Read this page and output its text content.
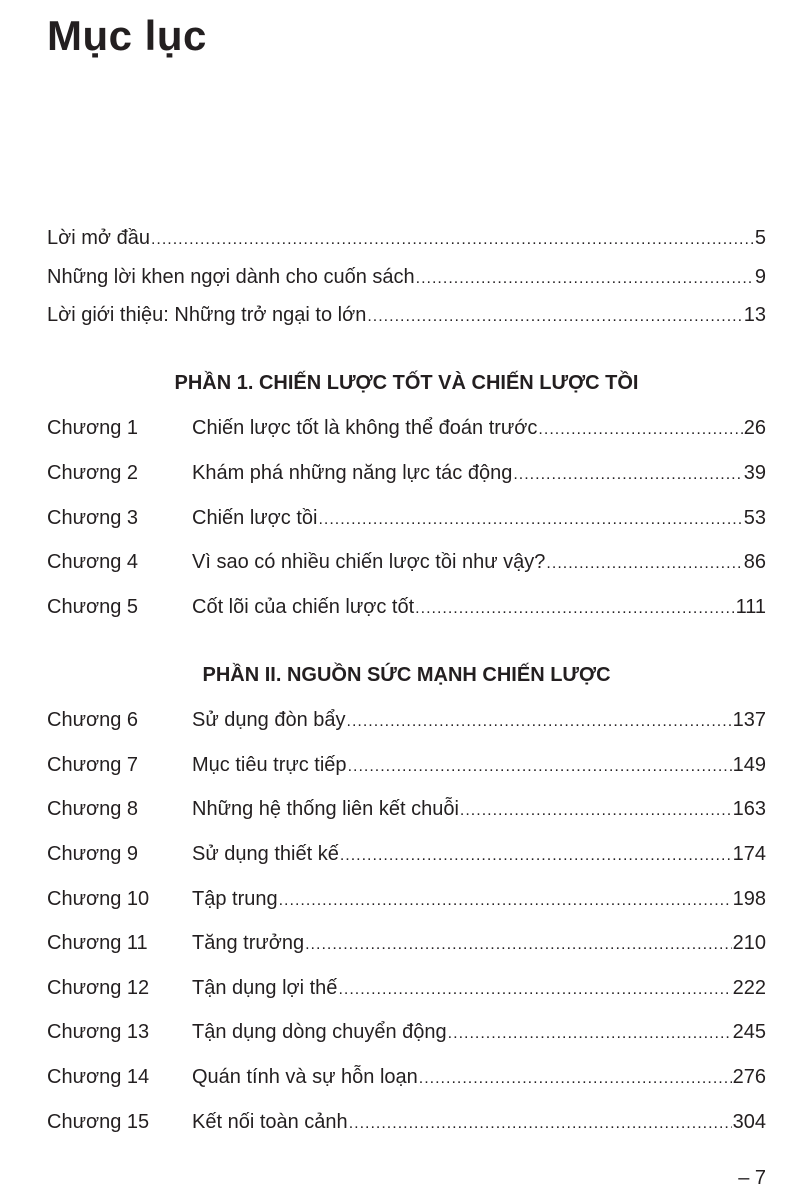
Mục lục
Lời mở đầu .....	5
Những lời khen ngợi dành cho cuốn sách .....	9
Lời giới thiệu: Những trở ngại to lớn .....	13
PHẦN 1. CHIẾN LƯỢC TỐT VÀ CHIẾN LƯỢC TỒI
Chương 1	Chiến lược tốt là không thể đoán trước .....	26
Chương 2	Khám phá những năng lực tác động .....	39
Chương 3	Chiến lược tồi .....	53
Chương 4	Vì sao có nhiều chiến lược tồi như vậy? .....	86
Chương 5	Cốt lõi của chiến lược tốt .....	111
PHẦN II. NGUỒN SỨC MẠNH CHIẾN LƯỢC
Chương 6	Sử dụng đòn bẩy .....	137
Chương 7	Mục tiêu trực tiếp .....	149
Chương 8	Những hệ thống liên kết chuỗi .....	163
Chương 9	Sử dụng thiết kế .....	174
Chương 10	Tập trung .....	198
Chương 11	Tăng trưởng .....	210
Chương 12	Tận dụng lợi thế .....	222
Chương 13	Tận dụng dòng chuyển động .....	245
Chương 14	Quán tính và sự hỗn loạn .....	276
Chương 15	Kết nối toàn cảnh .....	304
– 7
